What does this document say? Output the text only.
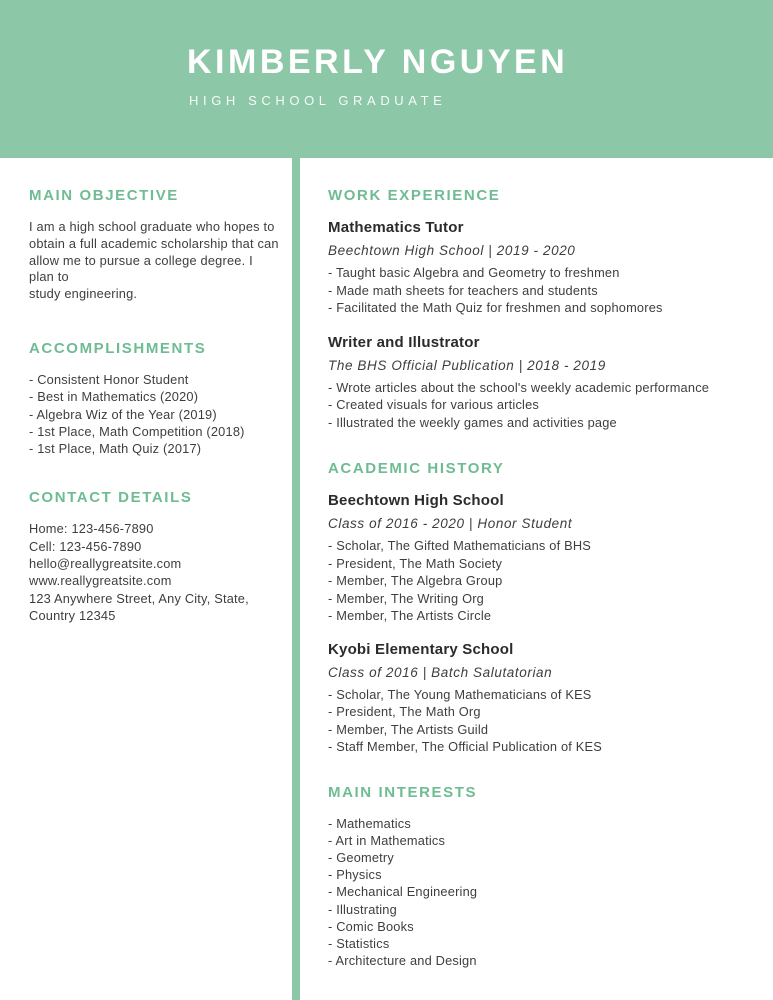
KIMBERLY NGUYEN

HIGH SCHOOL GRADUATE

MAIN OBJECTIVE
I am a high school graduate who hopes to
obtain a full academic scholarship that can
allow me to pursue a college degree. I plan to
study engineering.
ACCOMPLISHMENTS
- Consistent Honor Student
- Best in Mathematics (2020)
- Algebra Wiz of the Year (2019)
- 1st Place, Math Competition (2018)
- 1st Place, Math Quiz (2017)
CONTACT DETAILS
Home: 123-456-7890
Cell: 123-456-7890
hello@reallygreatsite.com
www.reallygreatsite.com
123 Anywhere Street, Any City, State,
Country 12345
WORK EXPERIENCE
Mathematics Tutor

Beechtown High School | 2019 - 2020

- Taught basic Algebra and Geometry to freshmen
- Made math sheets for teachers and students
- Facilitated the Math Quiz for freshmen and sophomores
Writer and Illustrator

The BHS Official Publication | 2018 - 2019

- Wrote articles about the school's weekly academic performance
- Created visuals for various articles
- Illustrated the weekly games and activities page
ACADEMIC HISTORY
Beechtown High School

Class of 2016 - 2020 | Honor Student

- Scholar, The Gifted Mathematicians of BHS
- President, The Math Society
- Member, The Algebra Group
- Member, The Writing Org
- Member, The Artists Circle
Kyobi Elementary School

Class of 2016 | Batch Salutatorian

- Scholar, The Young Mathematicians of KES
- President, The Math Org
- Member, The Artists Guild
- Staff Member, The Official Publication of KES
MAIN INTERESTS
- Mathematics
- Art in Mathematics
- Geometry
- Physics
- Mechanical Engineering
- Illustrating
- Comic Books
- Statistics
- Architecture and Design
